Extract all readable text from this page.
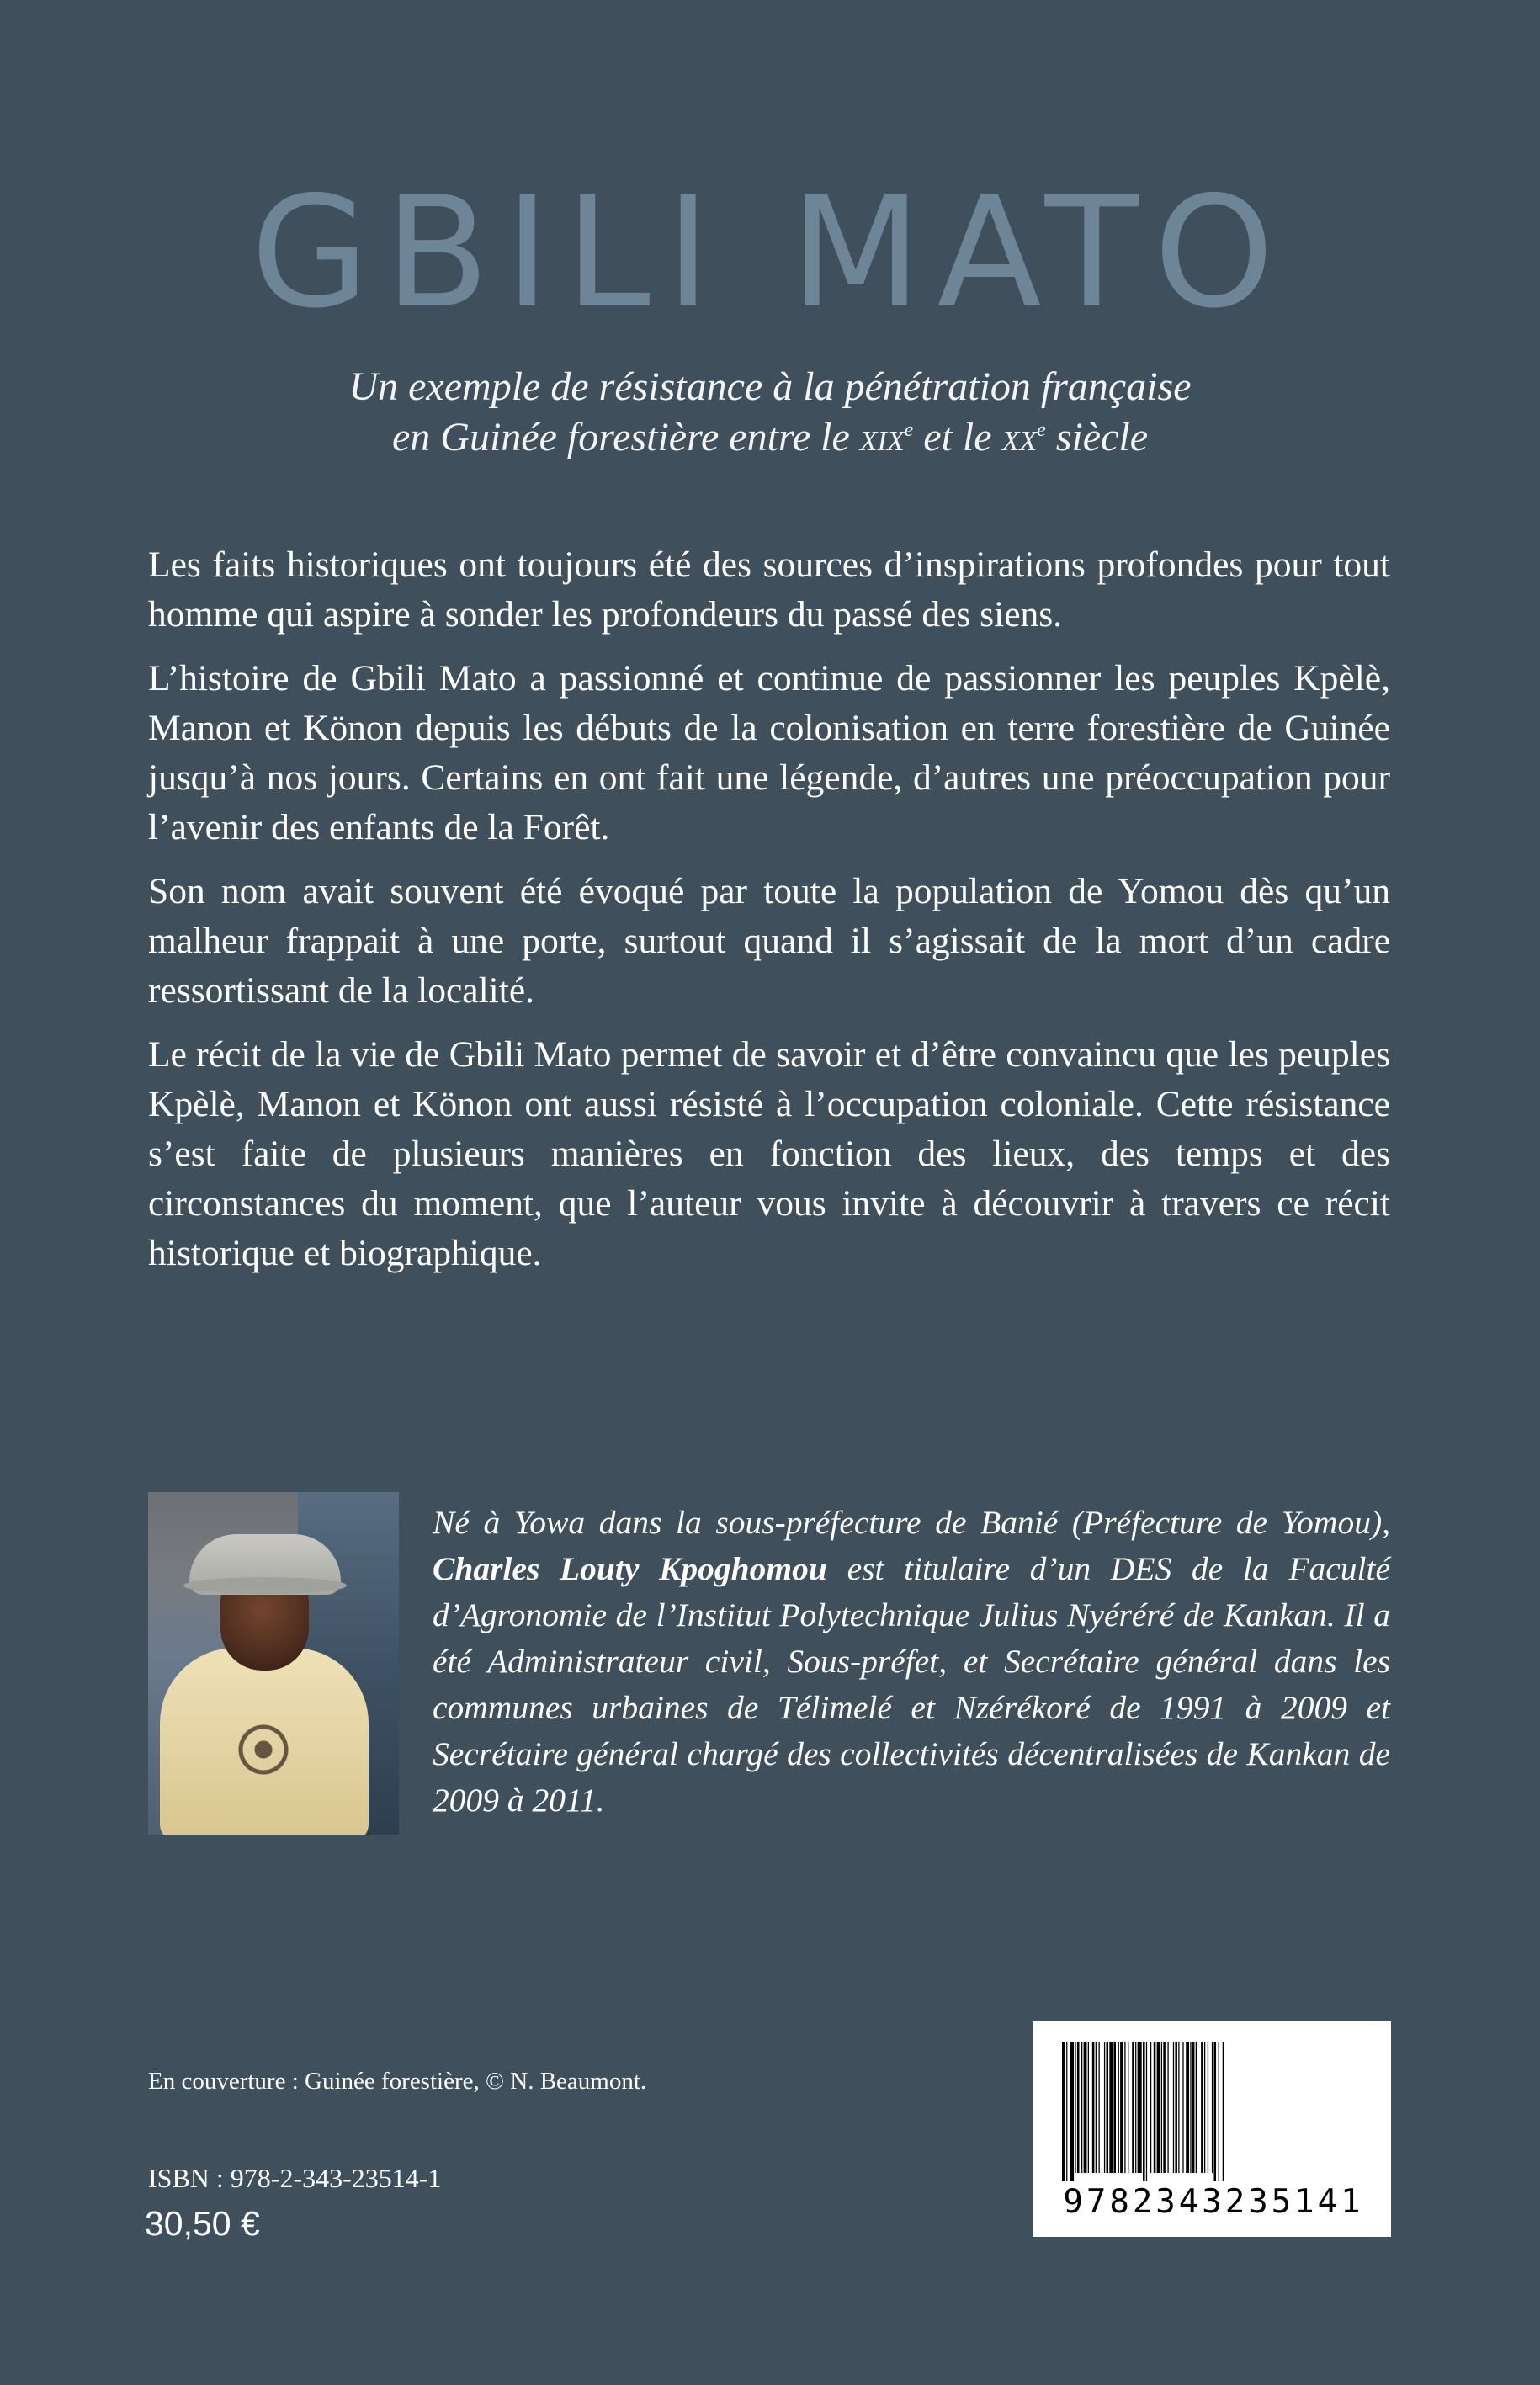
GBILI MATO
Un exemple de résistance à la pénétration française
en Guinée forestière entre le xix$^e$ et le $xx^e$ siècle

Les faits historiques ont toujours été des sources d’inspirations profondes pour tout homme qui aspire à sonder les profondeurs du passé des siens.

L’histoire de Gbili Mato a passionné et continue de passionner les peuples Kpèlè, Manon et Könon depuis les débuts de la colonisation en terre forestière de Guinée jusqu’à nos jours. Certains en ont fait une légende, d’autres une préoccupation pour l’avenir des enfants de la Forêt.

Son nom avait souvent été évoqué par toute la population de Yomou dès qu’un malheur frappait à une porte, surtout quand il s’agissait de la mort d’un cadre ressortissant de la localité.

Le récit de la vie de Gbili Mato permet de savoir et d’être convaincu que les peuples Kpèlè, Manon et Könon ont aussi résisté à l’occupation coloniale. Cette résistance s’est faite de plusieurs manières en fonction des lieux, des temps et des circonstances du moment, que l’auteur vous invite à découvrir à travers ce récit historique et biographique.

Né à Yowa dans la sous-préfecture de Banié (Préfecture de Yomou), Charles Louty Kpoghomou est titulaire d’un DES de la Faculté d’Agronomie de l’Institut Polytechnique Julius Nyéréré de Kankan. Il a été Administrateur civil, Sous-préfet, et Secrétaire général dans les communes urbaines de Télimelé et Nzérékoré de 1991 à 2009 et Secrétaire général chargé des collectivités décentralisées de Kankan de 2009 à 2011.
En couverture : Guinée forestière, © N. Beaumont.
ISBN : 978-2-343-23514-1
30,50 €
9782343235141
